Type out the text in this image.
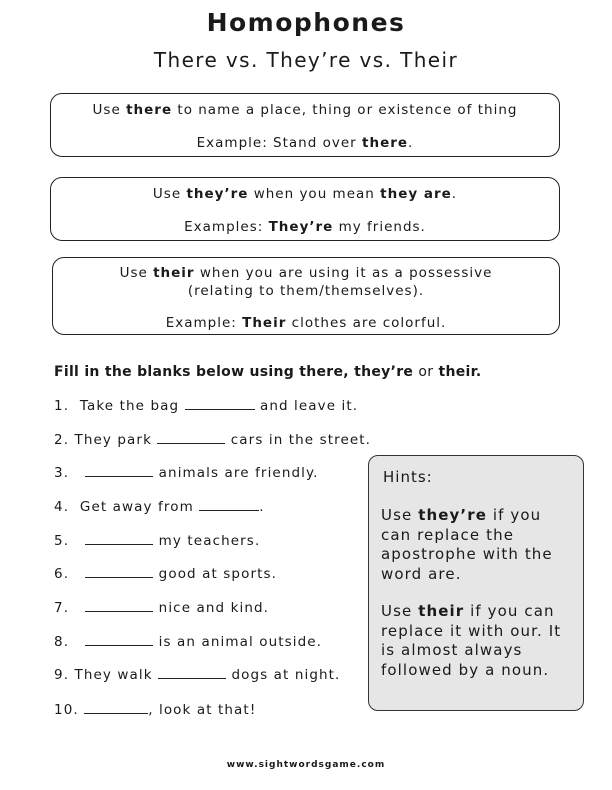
Homophones
There vs. They’re vs. Their
Use there to name a place, thing or existence of thing
Example: Stand over there.
Use they’re when you mean they are.
Examples: They’re my friends.
Use their when you are using it as a possessive
(relating to them/themselves).
Example: Their clothes are colorful.
Fill in the blanks below using there, they’re or their.
1. Take the bag	and leave it.
2. They park	cars in the street.
3.	animals are friendly.
4. Get away from	.
5.	my teachers.
6.	good at sports.
7.	nice and kind.
8.	is an animal outside.
9. They walk	dogs at night.
10.	, look at that!
Hints:
Use they’re if you can replace the apostrophe with the word are.
Use their if you can replace it with our. It is almost always followed by a noun.
www.sightwordsgame.com
